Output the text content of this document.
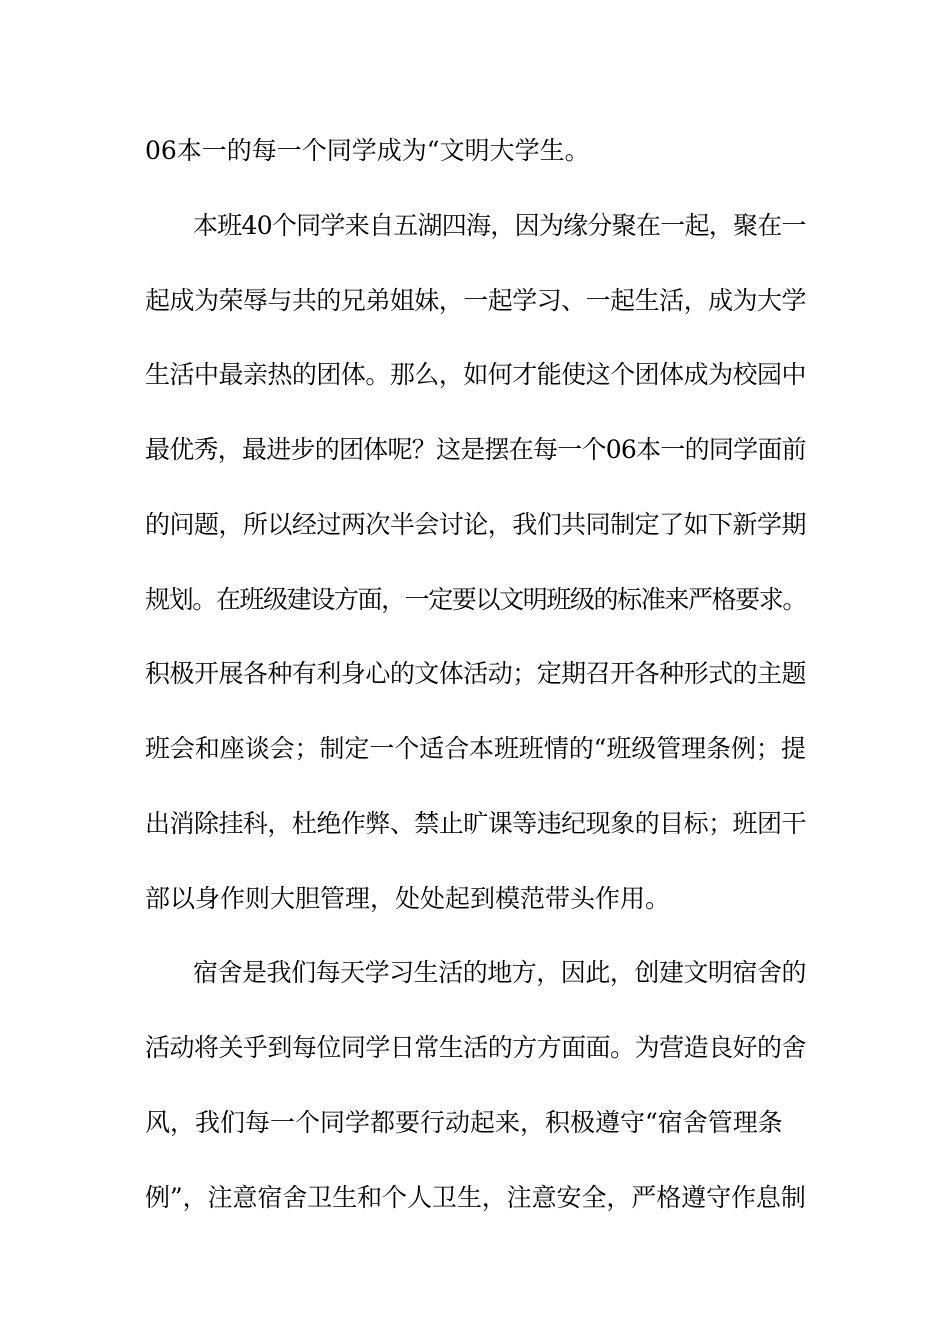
06本一的每一个同学成为“文明大学生。
本班40个同学来自五湖四海，因为缘分聚在一起，聚在一
起成为荣辱与共的兄弟姐妹，一起学习、一起生活，成为大学
生活中最亲热的团体。那么，如何才能使这个团体成为校园中
最优秀，最进步的团体呢？这是摆在每一个06本一的同学面前
的问题，所以经过两次半会讨论，我们共同制定了如下新学期
规划。在班级建设方面，一定要以文明班级的标准来严格要求。
积极开展各种有利身心的文体活动；定期召开各种形式的主题
班会和座谈会；制定一个适合本班班情的“班级管理条例；提
出消除挂科，杜绝作弊、禁止旷课等违纪现象的目标；班团干
部以身作则大胆管理，处处起到模范带头作用。
宿舍是我们每天学习生活的地方，因此，创建文明宿舍的
活动将关乎到每位同学日常生活的方方面面。为营造良好的舍
风，我们每一个同学都要行动起来，积极遵守“宿舍管理条
例”，注意宿舍卫生和个人卫生，注意安全，严格遵守作息制
